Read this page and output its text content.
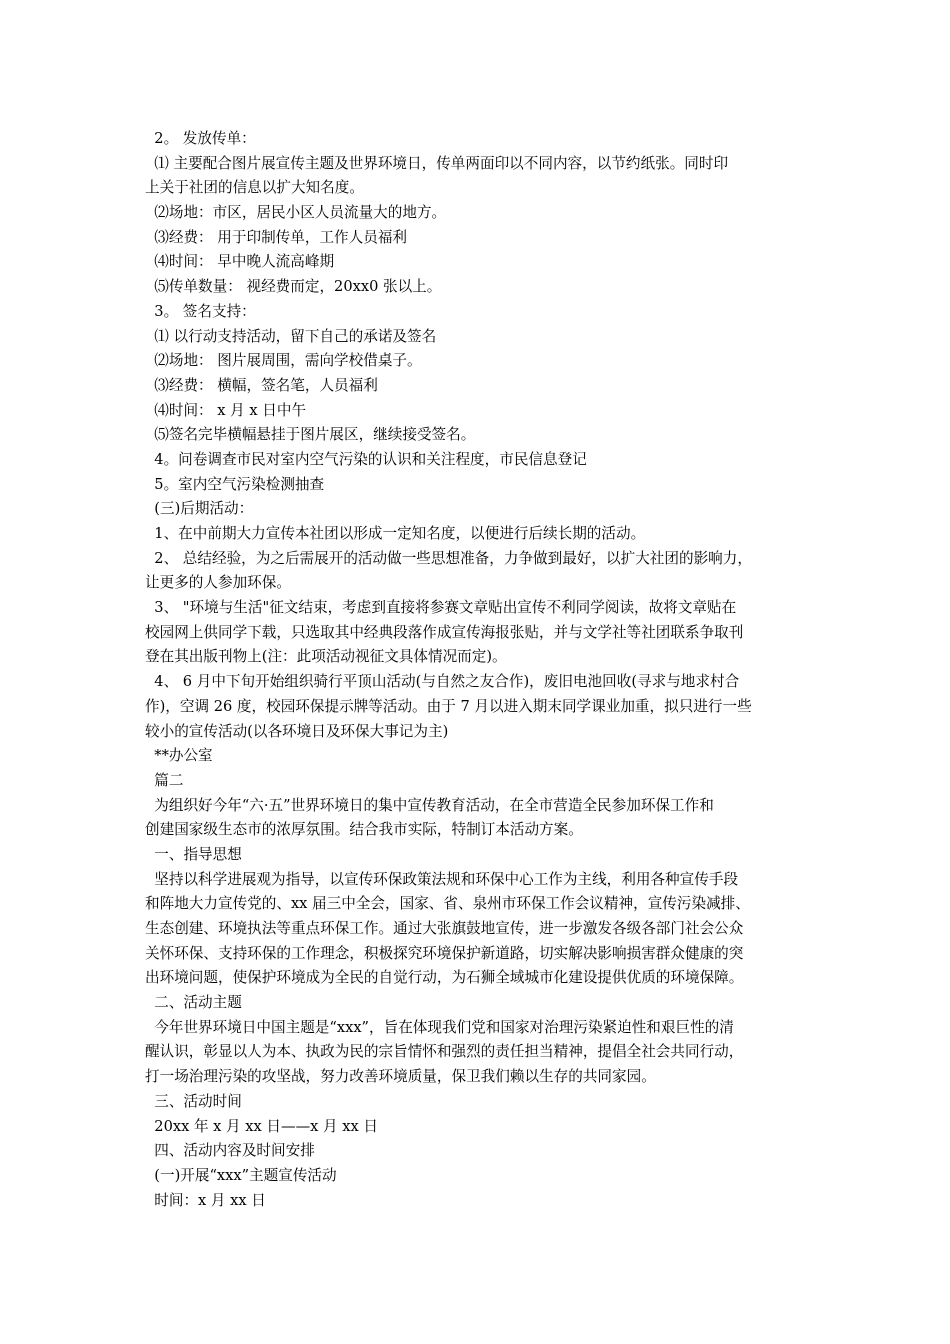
2。 发放传单：
⑴ 主要配合图片展宣传主题及世界环境日，传单两面印以不同内容，以节约纸张。同时印
上关于社团的信息以扩大知名度。
⑵场地：市区，居民小区人员流量大的地方。
⑶经费： 用于印制传单，工作人员福利
⑷时间： 早中晚人流高峰期
⑸传单数量： 视经费而定，20xx0 张以上。
3。 签名支持：
⑴ 以行动支持活动，留下自己的承诺及签名
⑵场地： 图片展周围，需向学校借桌子。
⑶经费： 横幅，签名笔，人员福利
⑷时间： x 月 x 日中午
⑸签名完毕横幅悬挂于图片展区，继续接受签名。
4。问卷调查市民对室内空气污染的认识和关注程度，市民信息登记
5。室内空气污染检测抽查
(三)后期活动：
1、在中前期大力宣传本社团以形成一定知名度，以便进行后续长期的活动。
2、 总结经验，为之后需展开的活动做一些思想准备，力争做到最好，以扩大社团的影响力，
让更多的人参加环保。
3、 "环境与生活"征文结束，考虑到直接将参赛文章贴出宣传不利同学阅读，故将文章贴在
校园网上供同学下载，只选取其中经典段落作成宣传海报张贴，并与文学社等社团联系争取刊
登在其出版刊物上(注：此项活动视征文具体情况而定)。
4、 6 月中下旬开始组织骑行平顶山活动(与自然之友合作)，废旧电池回收(寻求与地求村合
作)，空调 26 度，校园环保提示牌等活动。由于 7 月以进入期末同学课业加重，拟只进行一些
较小的宣传活动(以各环境日及环保大事记为主)
**办公室
篇二
为组织好今年“六·五”世界环境日的集中宣传教育活动，在全市营造全民参加环保工作和
创建国家级生态市的浓厚氛围。结合我市实际，特制订本活动方案。
一、指导思想
坚持以科学进展观为指导，以宣传环保政策法规和环保中心工作为主线，利用各种宣传手段
和阵地大力宣传党的、xx 届三中全会，国家、省、泉州市环保工作会议精神，宣传污染减排、
生态创建、环境执法等重点环保工作。通过大张旗鼓地宣传，进一步激发各级各部门社会公众
关怀环保、支持环保的工作理念，积极探究环境保护新道路，切实解决影响损害群众健康的突
出环境问题，使保护环境成为全民的自觉行动，为石狮全域城市化建设提供优质的环境保障。
二、活动主题
今年世界环境日中国主题是“xxx”，旨在体现我们党和国家对治理污染紧迫性和艰巨性的清
醒认识，彰显以人为本、执政为民的宗旨情怀和强烈的责任担当精神，提倡全社会共同行动，
打一场治理污染的攻坚战，努力改善环境质量，保卫我们赖以生存的共同家园。
三、活动时间
20xx 年 x 月 xx 日——x 月 xx 日
四、活动内容及时间安排
(一)开展“xxx”主题宣传活动
时间：x 月 xx 日
